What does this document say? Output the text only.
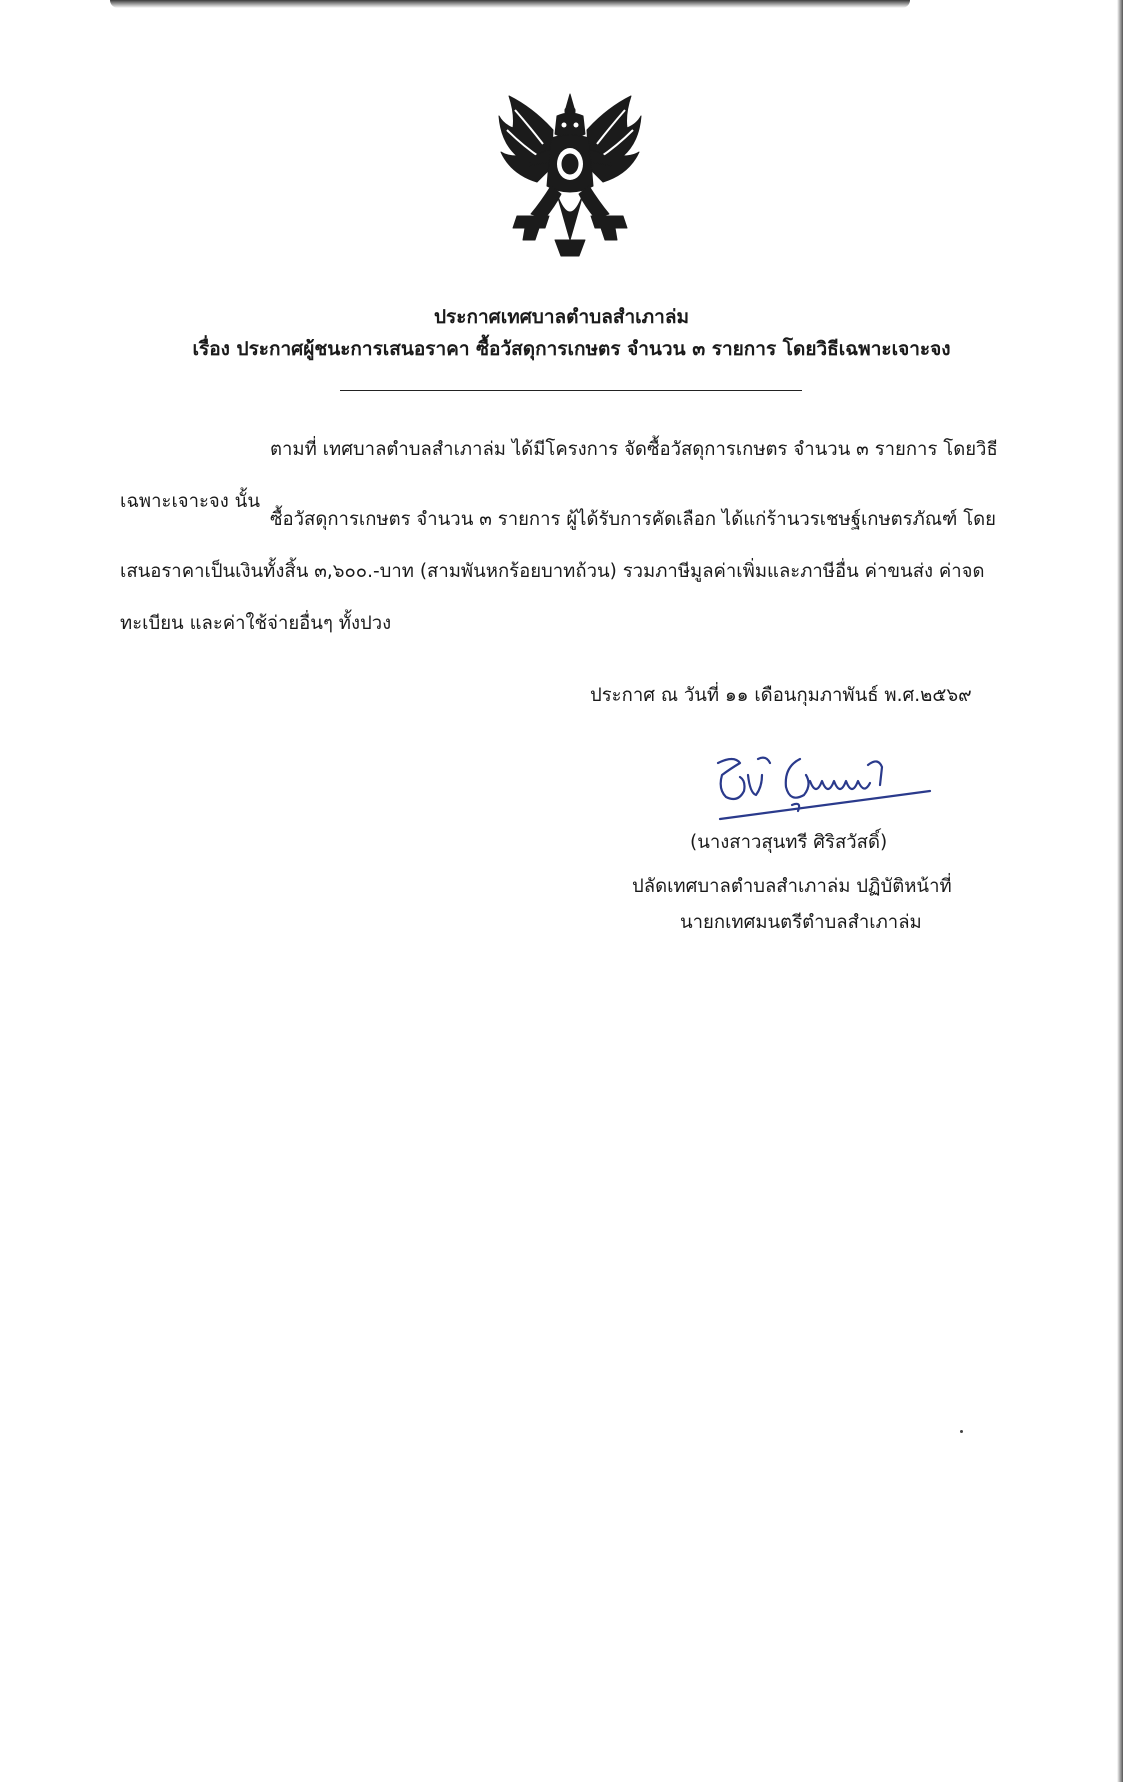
ประกาศเทศบาลตำบลสำเภาล่ม
เรื่อง ประกาศผู้ชนะการเสนอราคา ซื้อวัสดุการเกษตร จำนวน ๓ รายการ โดยวิธีเฉพาะเจาะจง
ตามที่ เทศบาลตำบลสำเภาล่ม ได้มีโครงการ จัดซื้อวัสดุการเกษตร จำนวน ๓ รายการ โดยวิธี
เฉพาะเจาะจง นั้น
ซื้อวัสดุการเกษตร จำนวน ๓ รายการ ผู้ได้รับการคัดเลือก ได้แก่ร้านวรเชษฐ์เกษตรภัณฑ์ โดย
เสนอราคาเป็นเงินทั้งสิ้น ๓,๖๐๐.-บาท (สามพันหกร้อยบาทถ้วน) รวมภาษีมูลค่าเพิ่มและภาษีอื่น ค่าขนส่ง ค่าจด
ทะเบียน และค่าใช้จ่ายอื่นๆ ทั้งปวง
ประกาศ ณ วันที่ ๑๑ เดือนกุมภาพันธ์ พ.ศ.๒๕๖๙
(นางสาวสุนทรี ศิริสวัสดิ์)
ปลัดเทศบาลตำบลสำเภาล่ม ปฏิบัติหน้าที่
นายกเทศมนตรีตำบลสำเภาล่ม
